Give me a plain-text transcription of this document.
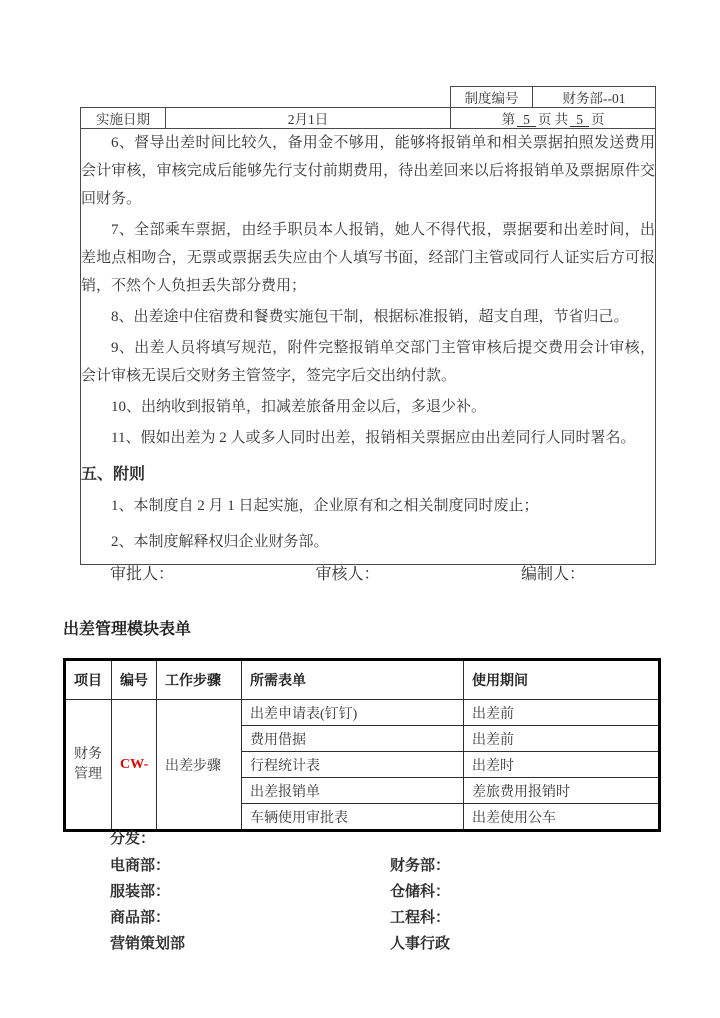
		制度编号	财务部--01
实施日期	2月1日	第 5 页 共 5 页	

6、督导出差时间比较久，备用金不够用，能够将报销单和相关票据拍照发送费用会计审核，审核完成后能够先行支付前期费用，待出差回来以后将报销单及票据原件交回财务。

7、全部乘车票据，由经手职员本人报销，她人不得代报，票据要和出差时间，出差地点相吻合，无票或票据丢失应由个人填写书面，经部门主管或同行人证实后方可报销，不然个人负担丢失部分费用；

8、出差途中住宿费和餐费实施包干制，根据标准报销，超支自理，节省归己。

9、出差人员将填写规范，附件完整报销单交部门主管审核后提交费用会计审核，会计审核无误后交财务主管签字，签完字后交出纳付款。

10、出纳收到报销单，扣减差旅备用金以后，多退少补。

11、假如出差为 2 人或多人同时出差，报销相关票据应由出差同行人同时署名。

五、附则

1、本制度自 2 月 1 日起实施，企业原有和之相关制度同时废止；

2、本制度解释权归企业财务部。

审批人：	审核人：	编制人：
出差管理模块表单
项目	编号	工作步骤	所需表单	使用期间
财务管理	CW-	出差步骤	出差申请表(钉钉)	出差前
			费用借据	出差前
			行程统计表	出差时
			出差报销单	差旅费用报销时
			车辆使用审批表	出差使用公车
分发：
电商部：	财务部：
服装部：	仓储科：
商品部：	工程科：
营销策划部	人事行政
